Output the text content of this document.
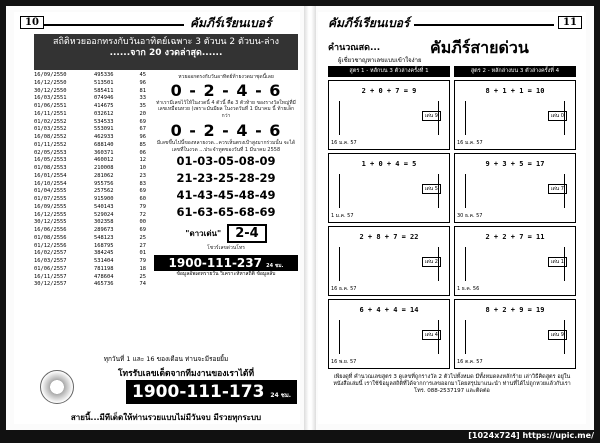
10	คัมภีร์เรียนเบอร์
สถิติหวยออกทรงกับวันอาทิตย์เฉพาะ 3 ตัวบน 2 ตัวบน-ล่าง
......จาก 20 งวดล่าสุด......
16/09/2550	495336	45
16/12/2550	513501	96
30/12/2550	585411	81
16/03/2551	074946	33
01/06/2551	414675	35
16/11/2551	032612	20
01/02/2552	534533	69
01/03/2552	553091	67
16/08/2552	462933	96
01/11/2552	688140	85
02/05/2553	360371	06
16/05/2553	460012	12
01/08/2553	210008	10
16/01/2554	281062	23
16/10/2554	955756	83
01/04/2555	257562	69
01/07/2555	915900	60
16/09/2555	540143	79
16/12/2555	529024	72
30/12/2555	302358	00
16/06/2556	289673	69
01/08/2556	548123	25
01/12/2556	168795	27
16/02/2557	384245	01
16/03/2557	531404	79
01/06/2557	781198	18
16/11/2557	478604	25
30/12/2557	465736	74
หวยออกตรงกับวันอาทิตย์ท้ายงวดมาชุดนี้เลย
0 - 2 - 4 - 6
ท่าเรามีเลขไว้ให้ในงวดนี้ 4 ตัวนี้ คือ 3 ตัวท้าย ของรางวัลใหญ่ที่มีเลขเหมือนหวย (เพราะมันมีผล ในงวดวันที่ 1 มีนาคม นี้ ท้ายเล็กกว่า
0 - 2 - 4 - 6
มีเลขขึ้นไปนี้ของหลายงวด...ควรเห็นตรงเป้าสูงมากร่วมนั้น จะได้เลขที่ในงวด ...ประจำทูตของวันที่ 1 มีนาคม 2558
01-03-05-08-09
21-23-25-28-29
41-43-45-48-49
61-63-65-68-69
"ดาวเด่น"	2-4
โชวร์เลขด่วนโทร
1900-111-237 24 ชม.
ข้อมูลอัพเดทรายวัน วิเคราะห์หาสถิติ ข้อมูลลับ
ทุกวันที่ 1 และ 16 ของเดือน ท่านจะมีรอยยิ้ม
โทรรับเลขเด็ดจากทีมงานของเราได้ที่
1900-111-173 24 ชม.
สายนี้...มีทีเด็ดให้ท่านรวยแบบไม่มีวันจบ มีรวยทุกระบบ
คัมภีร์เรียนเบอร์	11
คำนวณสด...	คัมภีร์สายด่วน
ผู้เชี่ยวชาญหาเลขแบบเข้าใจง่าย
สูตร 1 - หลักบน 3 ตัวล่างครั้งที่ 1	สูตร 2 - หลักล่างบน 3 ตัวล่างครั้งที่ 4
2 + 0 + 7 = 9
เด่น 9
16 ม.ค. 57
8 + 1 + 1 = 10
เด่น 0
16 ม.ค. 57
1 + 0 + 4 = 5
เด่น 5
1 ม.ค. 57
9 + 3 + 5 = 17
เด่น 7
30 ธ.ค. 57
2 + 8 + 7 = 22
เด่น 2
16 ธ.ค. 57
2 + 2 + 7 = 11
เด่น 1
1 ธ.ค. 56
6 + 4 + 4 = 14
เด่น 4
16 พ.ย. 57
8 + 2 + 9 = 19
เด่น 9
16 ต.ค. 57
เพียงดูที่ คำนวณเลขสูตร 3 ดูเลขที่ถูกรางวัล 2 ตัวไปทั้งหมด มีทั้งหมดลงหลักร้าย เล่าวิธีคิดสูตร อยู่ในหนังสือเล่มนี้ เราใช้ข้อมูลสถิติที่ได้จากการเลขออกมาโดยสรุปมาแนะนำ ท่านที่ได้ไปถูกหวยแล้วกับเรา โทร. 088-2537197 และติดต่อ
[1024x724] https://upic.me/
